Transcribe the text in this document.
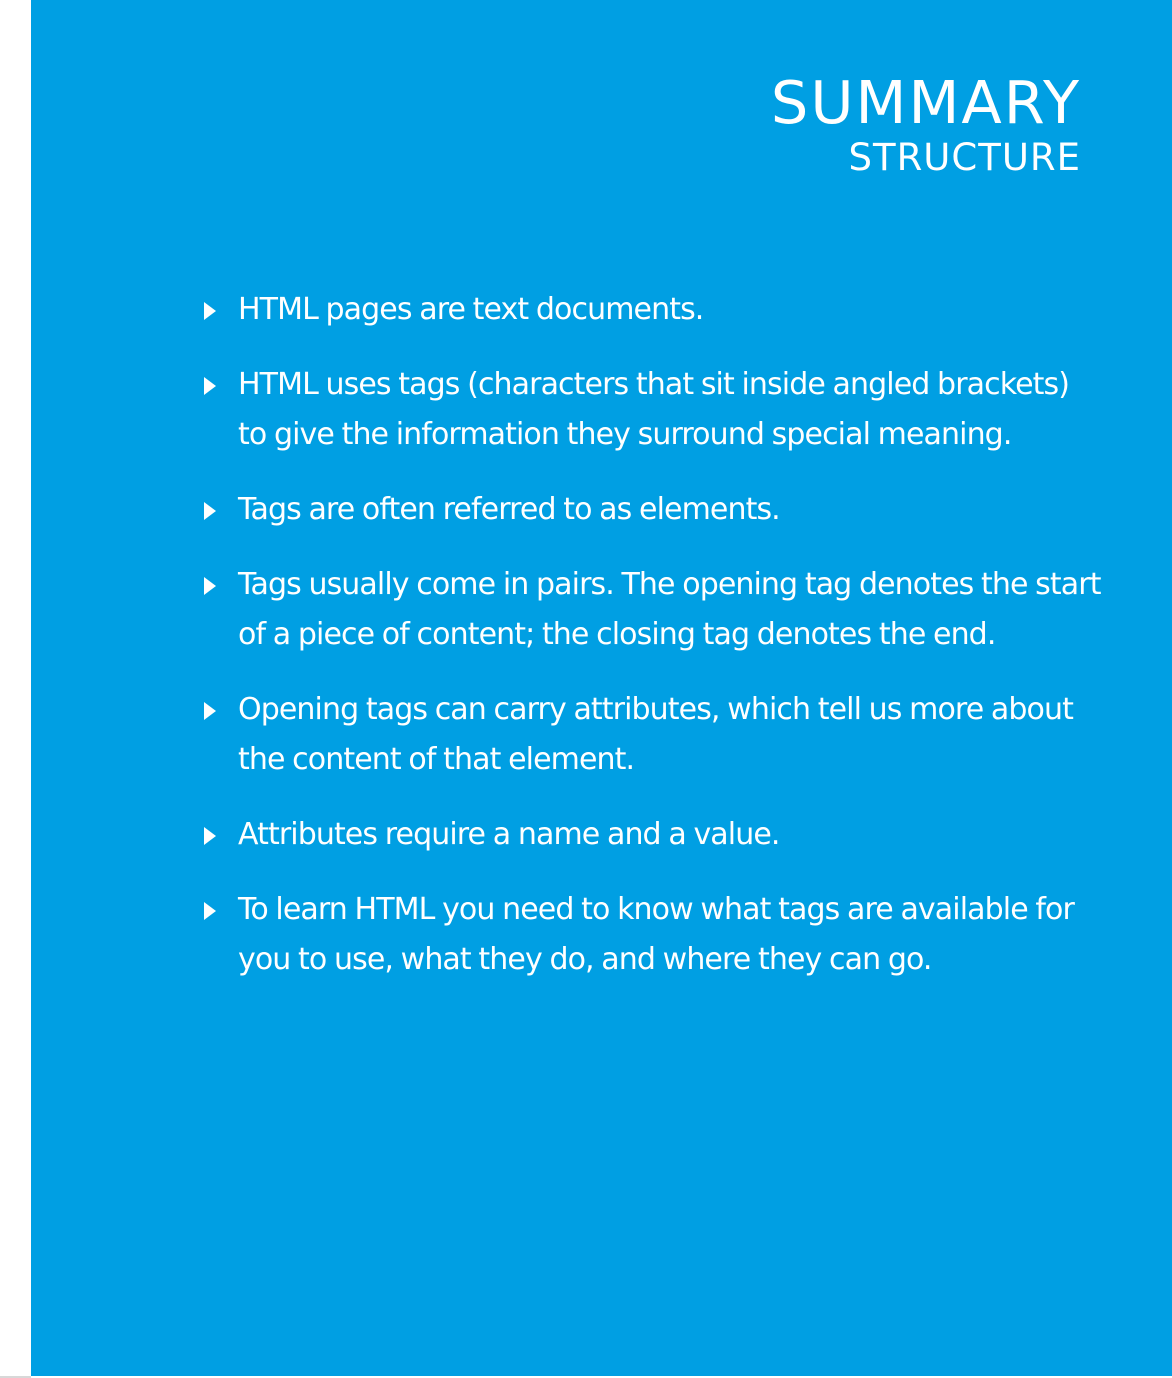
SUMMARY
STRUCTURE
HTML pages are text documents.
HTML uses tags (characters that sit inside angled brackets) to give the information they surround special meaning.
Tags are often referred to as elements.
Tags usually come in pairs. The opening tag denotes the start of a piece of content; the closing tag denotes the end.
Opening tags can carry attributes, which tell us more about the content of that element.
Attributes require a name and a value.
To learn HTML you need to know what tags are available for you to use, what they do, and where they can go.
